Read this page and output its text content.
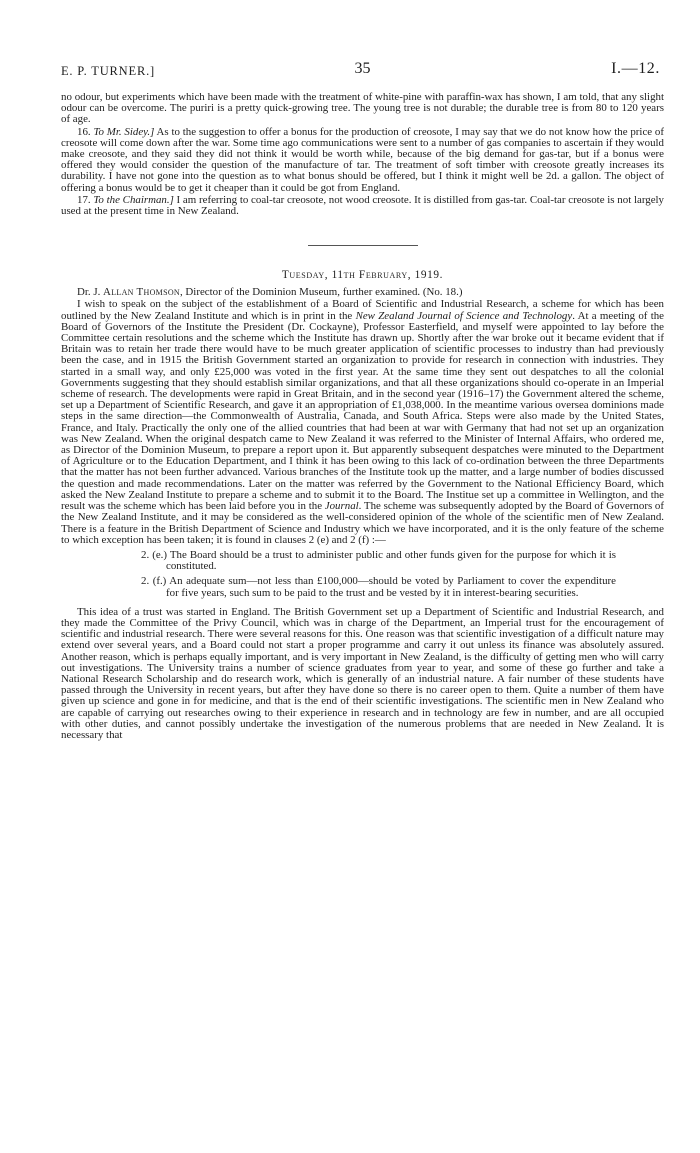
E. P. TURNER.]	35	I.—12.

no odour, but experiments which have been made with the treatment of white-pine with paraffin-wax has shown, I am told, that any slight odour can be overcome. The puriri is a pretty quick-growing tree. The young tree is not durable; the durable tree is from 80 to 120 years of age.

16. To Mr. Sidey.] As to the suggestion to offer a bonus for the production of creosote, I may say that we do not know how the price of creosote will come down after the war. Some time ago communications were sent to a number of gas companies to ascertain if they would make creosote, and they said they did not think it would be worth while, because of the big demand for gas-tar, but if a bonus were offered they would consider the question of the manufacture of tar. The treatment of soft timber with creosote greatly increases its durability. I have not gone into the question as to what bonus should be offered, but I think it might well be 2d. a gallon. The object of offering a bonus would be to get it cheaper than it could be got from England.

17. To the Chairman.] I am referring to coal-tar creosote, not wood creosote. It is distilled from gas-tar. Coal-tar creosote is not largely used at the present time in New Zealand.

Tuesday, 11th February, 1919.

Dr. J. Allan Thomson, Director of the Dominion Museum, further examined. (No. 18.)

I wish to speak on the subject of the establishment of a Board of Scientific and Industrial Research, a scheme for which has been outlined by the New Zealand Institute and which is in print in the New Zealand Journal of Science and Technology. At a meeting of the Board of Governors of the Institute the President (Dr. Cockayne), Professor Easterfield, and myself were appointed to lay before the Committee certain resolutions and the scheme which the Institute has drawn up. Shortly after the war broke out it became evident that if Britain was to retain her trade there would have to be much greater application of scientific processes to industry than had previously been the case, and in 1915 the British Government started an organization to provide for research in connection with industries. They started in a small way, and only £25,000 was voted in the first year. At the same time they sent out despatches to all the colonial Governments suggesting that they should establish similar organizations, and that all these organizations should co-operate in an Imperial scheme of research. The developments were rapid in Great Britain, and in the second year (1916–17) the Government altered the scheme, set up a Department of Scientific Research, and gave it an appropriation of £1,038,000. In the meantime various oversea dominions made steps in the same direction—the Commonwealth of Australia, Canada, and South Africa. Steps were also made by the United States, France, and Italy. Practically the only one of the allied countries that had been at war with Germany that had not set up an organization was New Zealand. When the original despatch came to New Zealand it was referred to the Minister of Internal Affairs, who ordered me, as Director of the Dominion Museum, to prepare a report upon it. But apparently subsequent despatches were minuted to the Department of Agriculture or to the Education Department, and I think it has been owing to this lack of co-ordination between the three Departments that the matter has not been further advanced. Various branches of the Institute took up the matter, and a large number of bodies discussed the question and made recommendations. Later on the matter was referred by the Government to the National Efficiency Board, which asked the New Zealand Institute to prepare a scheme and to submit it to the Board. The Institue set up a committee in Wellington, and the result was the scheme which has been laid before you in the Journal. The scheme was subsequently adopted by the Board of Governors of the New Zealand Institute, and it may be considered as the well-considered opinion of the whole of the scientific men of New Zealand. There is a feature in the British Department of Science and Industry which we have incorporated, and it is the only feature of the scheme to which exception has been taken; it is found in clauses 2 (e) and 2 (f) :—

2. (e.) The Board should be a trust to administer public and other funds given for the purpose for which it is constituted.

2. (f.) An adequate sum—not less than £100,000—should be voted by Parliament to cover the expenditure for five years, such sum to be paid to the trust and be vested by it in interest-bearing securities.

This idea of a trust was started in England. The British Government set up a Department of Scientific and Industrial Research, and they made the Committee of the Privy Council, which was in charge of the Department, an Imperial trust for the encouragement of scientific and industrial research. There were several reasons for this. One reason was that scientific investigation of a difficult nature may extend over several years, and a Board could not start a proper programme and carry it out unless its finance was absolutely assured. Another reason, which is perhaps equally important, and is very important in New Zealand, is the difficulty of getting men who will carry out investigations. The University trains a number of science graduates from year to year, and some of these go further and take a National Research Scholarship and do research work, which is generally of an industrial nature. A fair number of these students have passed through the University in recent years, but after they have done so there is no career open to them. Quite a number of them have given up science and gone in for medicine, and that is the end of their scientific investigations. The scientific men in New Zealand who are capable of carrying out researches owing to their experience in research and in technology are few in number, and are all occupied with other duties, and cannot possibly undertake the investigation of the numerous problems that are needed in New Zealand. It is necessary that
